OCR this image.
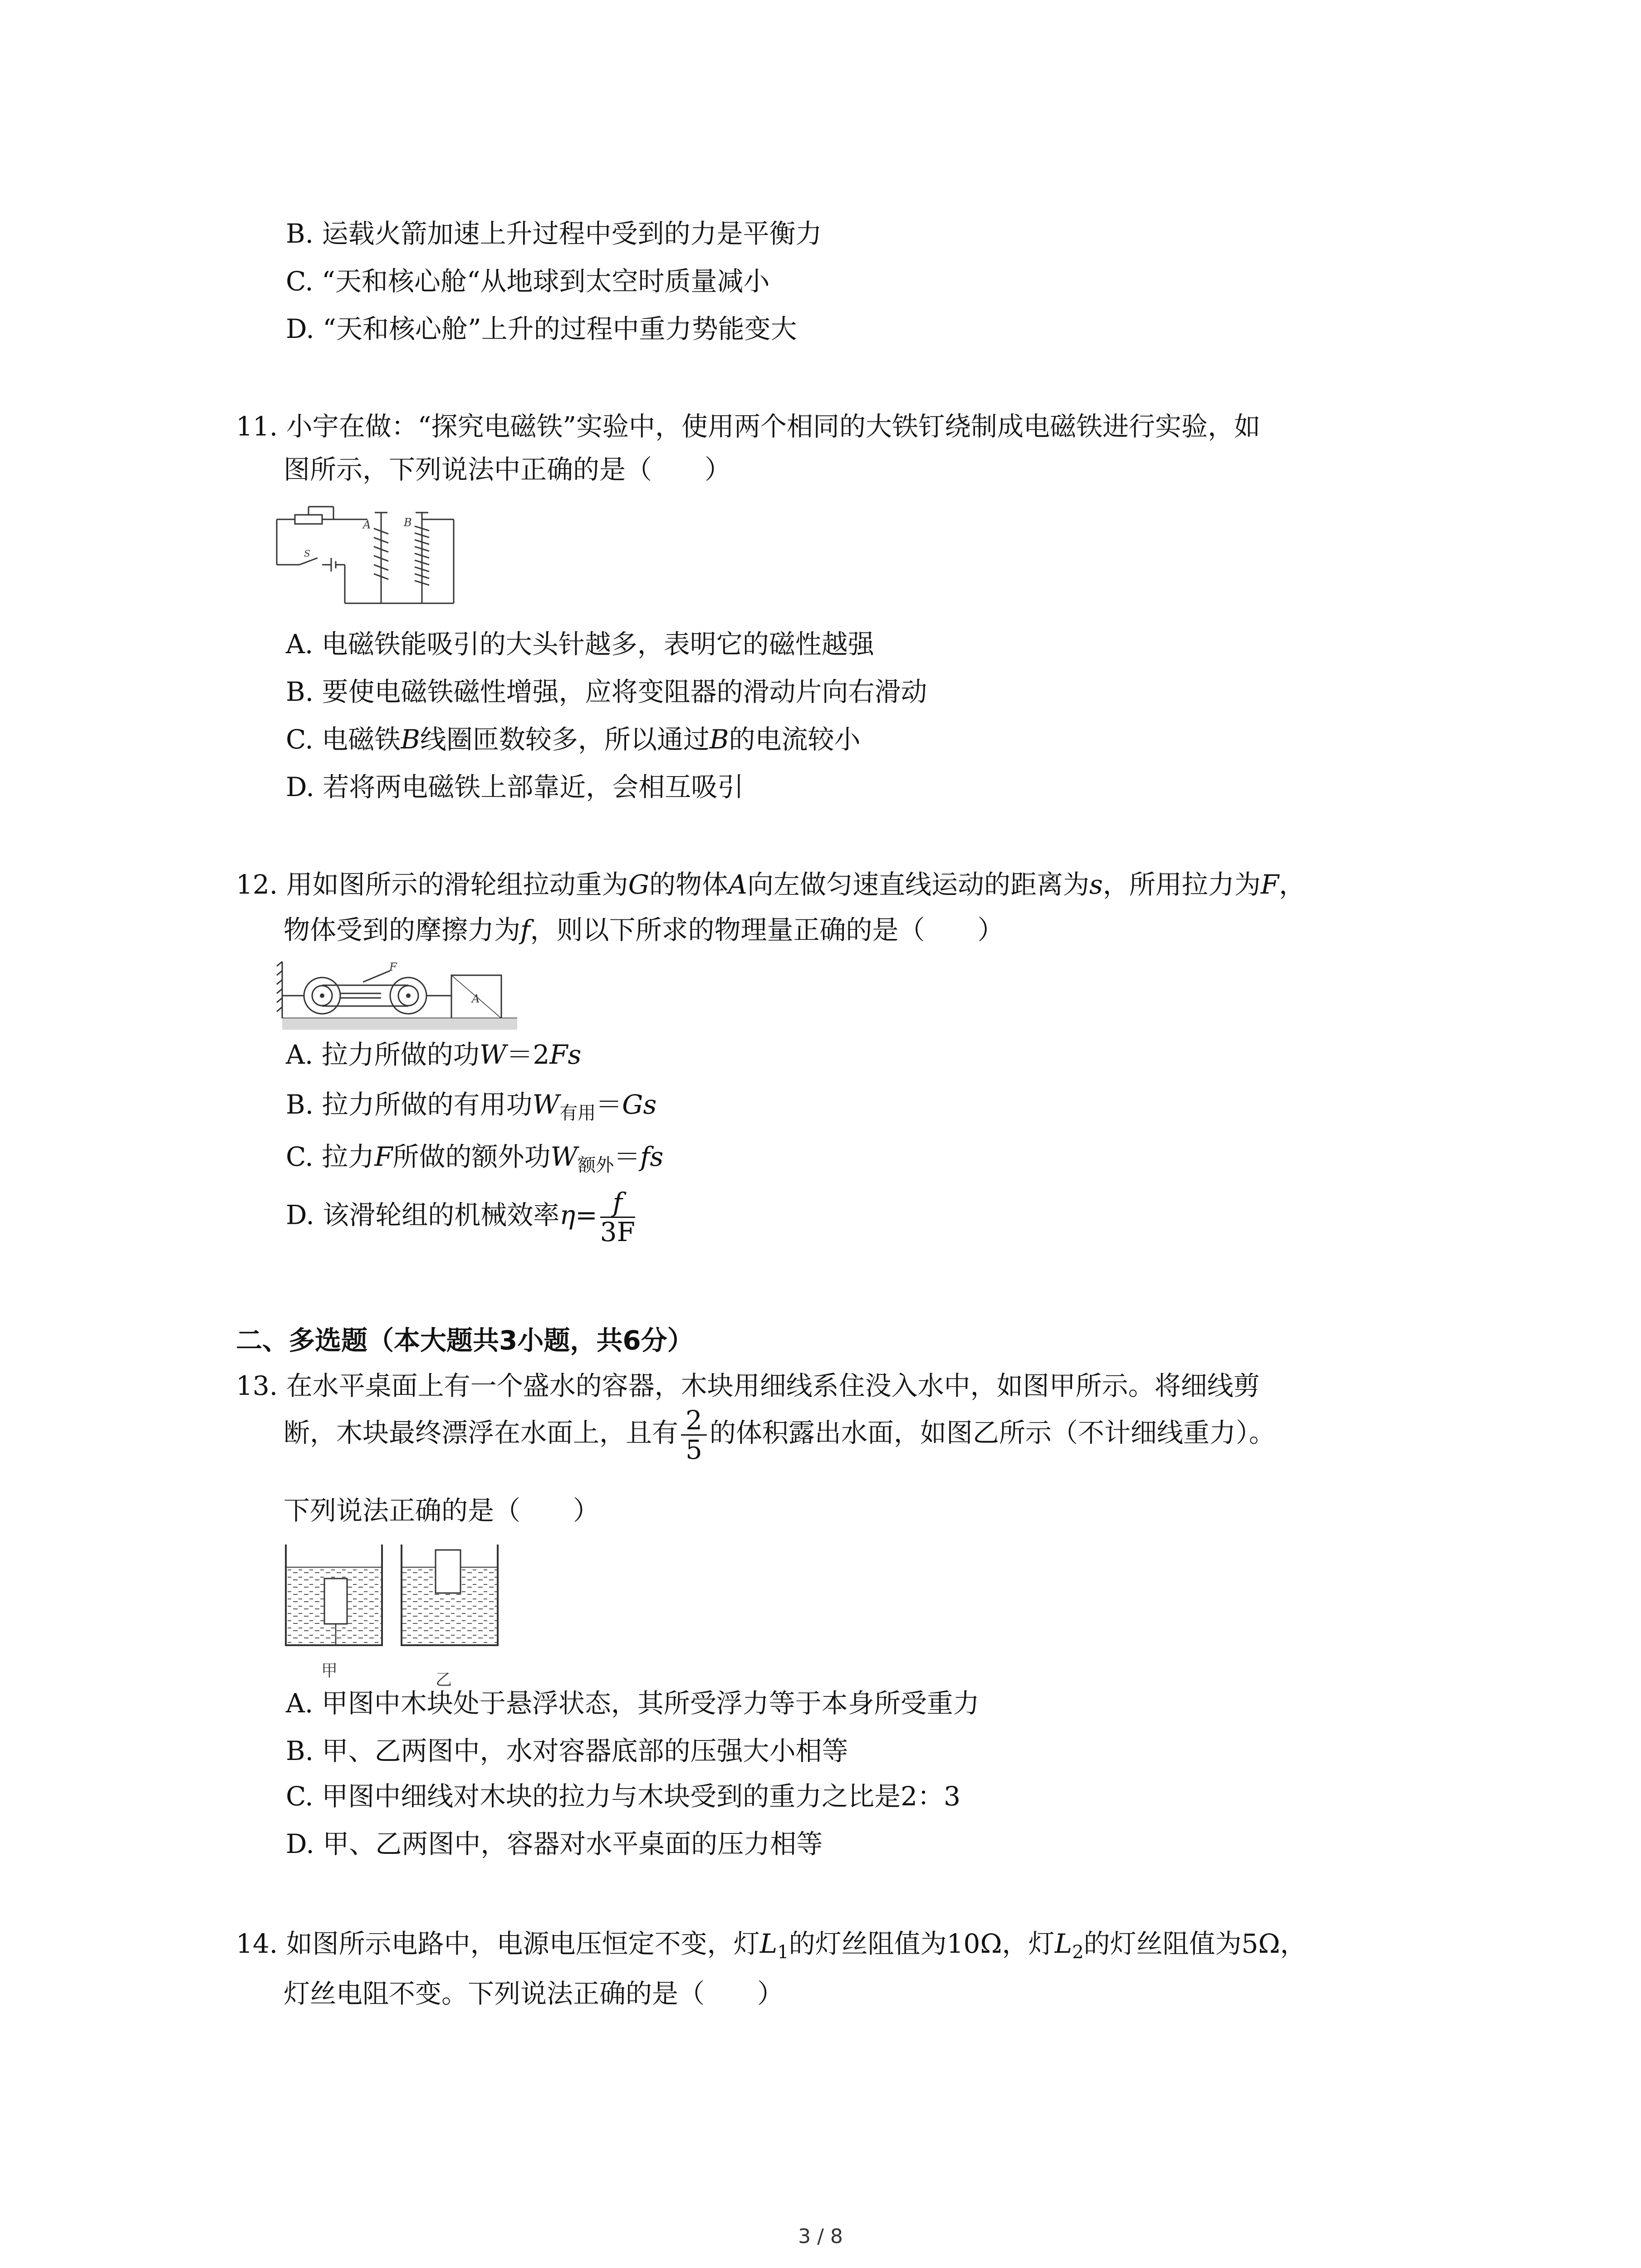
B. 运载火箭加速上升过程中受到的力是平衡力
C. “天和核心舱“从地球到太空时质量减小
D. “天和核心舱”上升的过程中重力势能变大
11. 小宇在做：“探究电磁铁”实验中，使用两个相同的大铁钉绕制成电磁铁进行实验，如
图所示，下列说法中正确的是（　　）
A	B
S
A. 电磁铁能吸引的大头针越多，表明它的磁性越强
B. 要使电磁铁磁性增强，应将变阻器的滑动片向右滑动
C. 电磁铁B线圈匝数较多，所以通过B的电流较小
D. 若将两电磁铁上部靠近，会相互吸引
12. 用如图所示的滑轮组拉动重为G的物体A向左做匀速直线运动的距离为s，所用拉力为F，
物体受到的摩擦力为f，则以下所求的物理量正确的是（　　）
F
A
A. 拉力所做的功W＝2Fs
B. 拉力所做的有用功$W_{有用}=Gs$
C. 拉力F所做的额外功$W_{额外}=fs$
D. 该滑轮组的机械效率$\eta= \frac{f}{3F}$
二、多选题（本大题共3小题，共6分）
13. 在水平桌面上有一个盛水的容器，木块用细线系住没入水中，如图甲所示。将细线剪
断，木块最终漂浮在水面上，且有 $\frac{2}{5}$ 的体积露出水面，如图乙所示（不计细线重力）。
下列说法正确的是（　　）
甲	乙
A. 甲图中木块处于悬浮状态，其所受浮力等于本身所受重力
B. 甲、乙两图中，水对容器底部的压强大小相等
C. 甲图中细线对木块的拉力与木块受到的重力之比是2：3
D. 甲、乙两图中，容器对水平桌面的压力相等
14. 如图所示电路中，电源电压恒定不变，灯$L_1$的灯丝阻值为10Ω，灯$L_2$的灯丝阻值为5Ω，
灯丝电阻不变。下列说法正确的是（　　）
3 / 8
